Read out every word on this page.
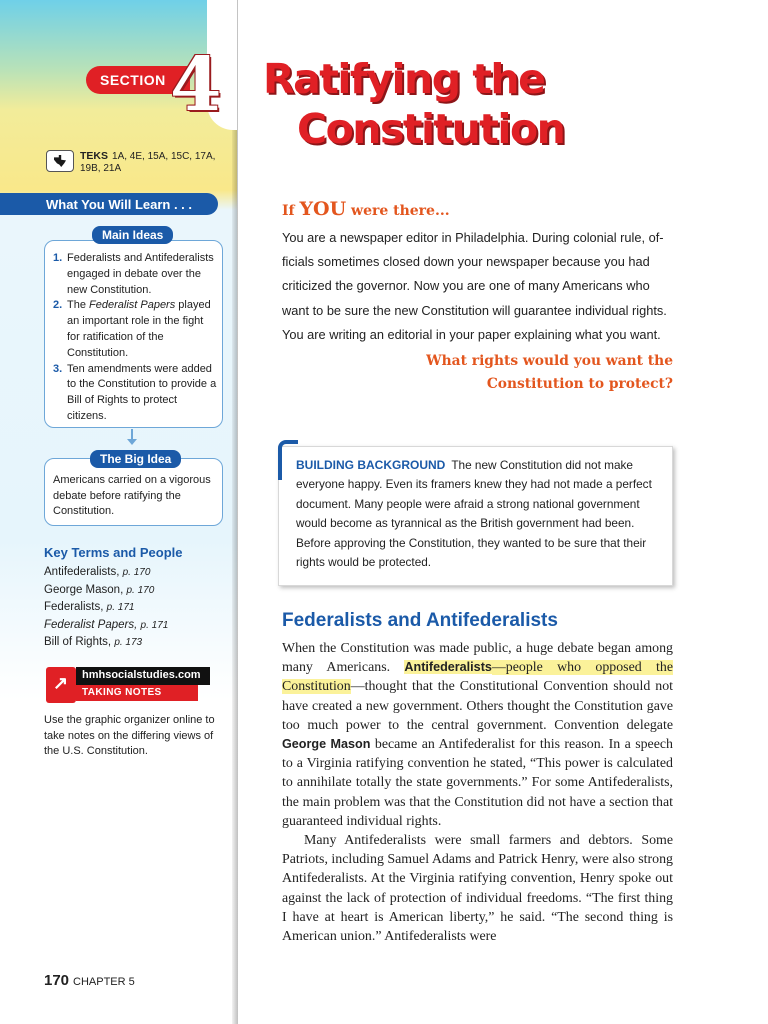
SECTION 4
TEKS 1A, 4E, 15A, 15C, 17A, 19B, 21A
What You Will Learn . . .
1. Federalists and Antifederalists engaged in debate over the new Constitution.
2. The Federalist Papers played an important role in the fight for ratification of the Constitution.
3. Ten amendments were added to the Constitution to provide a Bill of Rights to protect citizens.
Main Ideas
Americans carried on a vigorous debate before ratifying the Constitution.
The Big Idea
Key Terms and People
Antifederalists, p. 170
George Mason, p. 170
Federalists, p. 171
Federalist Papers, p. 171
Bill of Rights, p. 173
↗
hmhsocialstudies.com
TAKING NOTES
Use the graphic organizer online to take notes on the differing views of the U.S. Constitution.
170 CHAPTER 5
Ratifying the
Constitution
If YOU were there...
You are a newspaper editor in Philadelphia. During colonial rule, officials sometimes closed down your newspaper because you had criticized the governor. Now you are one of many Americans who want to be sure the new Constitution will guarantee individual rights. You are writing an editorial in your paper explaining what you want.
What rights would you want the
Constitution to protect?
BUILDING BACKGROUND The new Constitution did not make everyone happy. Even its framers knew they had not made a perfect document. Many people were afraid a strong national government would become as tyrannical as the British government had been. Before approving the Constitution, they wanted to be sure that their rights would be protected.
Federalists and Antifederalists

When the Constitution was made public, a huge debate began among many Americans. Antifederalists—people who opposed the Constitution—thought that the Constitutional Convention should not have created a new government. Others thought the Constitution gave too much power to the central government. Convention delegate George Mason became an Antifederalist for this reason. In a speech to a Virginia ratifying convention he stated, “This power is calculated to annihilate totally the state governments.” For some Antifederalists, the main problem was that the Constitution did not have a section that guaranteed individual rights.

Many Antifederalists were small farmers and debtors. Some Patriots, including Samuel Adams and Patrick Henry, were also strong Antifederalists. At the Virginia ratifying convention, Henry spoke out against the lack of protection of individual freedoms. “The first thing I have at heart is American liberty,” he said. “The second thing is American union.” Antifederalists were
